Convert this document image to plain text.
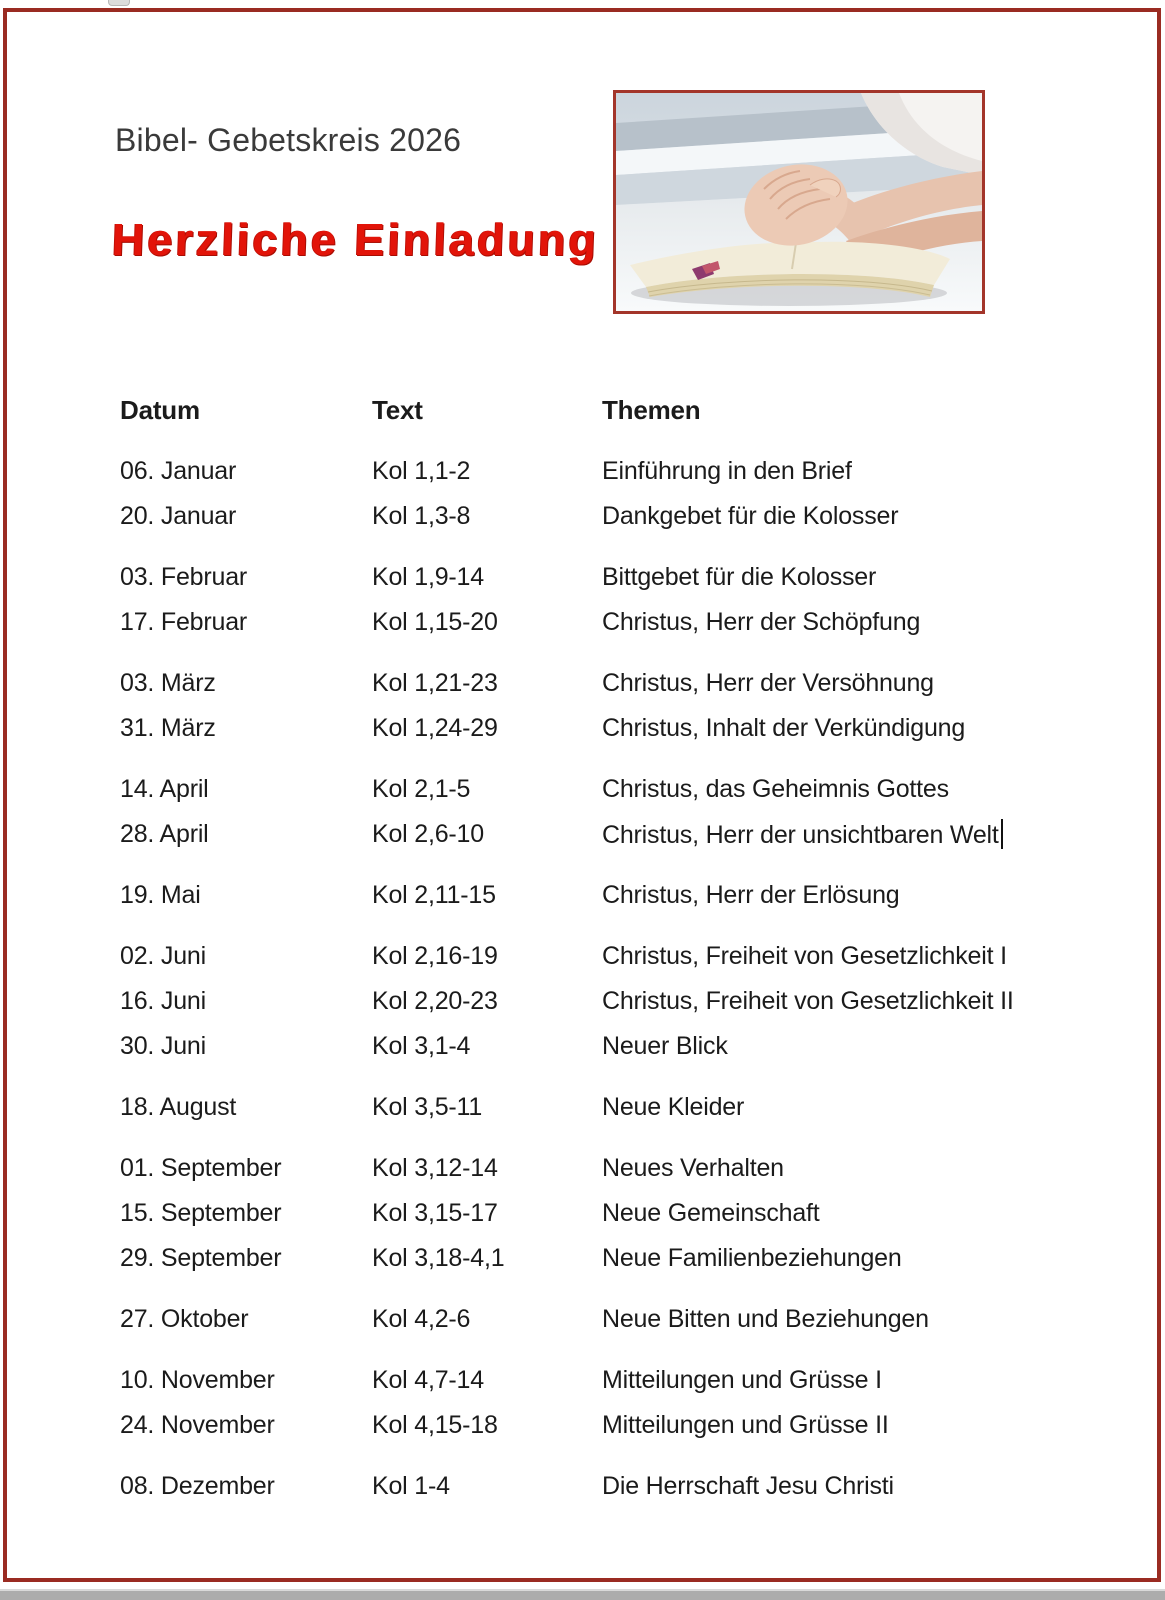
Bibel- Gebetskreis 2026
Herzliche Einladung
Datum	Text	Themen
06. Januar	Kol 1,1-2	Einführung in den Brief
20. Januar	Kol 1,3-8	Dankgebet für die Kolosser
03. Februar	Kol 1,9-14	Bittgebet für die Kolosser
17. Februar	Kol 1,15-20	Christus, Herr der Schöpfung
03. März	Kol 1,21-23	Christus, Herr der Versöhnung
31. März	Kol 1,24-29	Christus, Inhalt der Verkündigung
14. April	Kol 2,1-5	Christus, das Geheimnis Gottes
28. April	Kol 2,6-10	Christus, Herr der unsichtbaren Welt
19. Mai	Kol 2,11-15	Christus, Herr der Erlösung
02. Juni	Kol 2,16-19	Christus, Freiheit von Gesetzlichkeit I
16. Juni	Kol 2,20-23	Christus, Freiheit von Gesetzlichkeit II
30. Juni	Kol 3,1-4	Neuer Blick
18. August	Kol 3,5-11	Neue Kleider
01. September	Kol 3,12-14	Neues Verhalten
15. September	Kol 3,15-17	Neue Gemeinschaft
29. September	Kol 3,18-4,1	Neue Familienbeziehungen
27. Oktober	Kol 4,2-6	Neue Bitten und Beziehungen
10. November	Kol 4,7-14	Mitteilungen und Grüsse I
24. November	Kol 4,15-18	Mitteilungen und Grüsse II
08. Dezember	Kol 1-4	Die Herrschaft Jesu Christi
